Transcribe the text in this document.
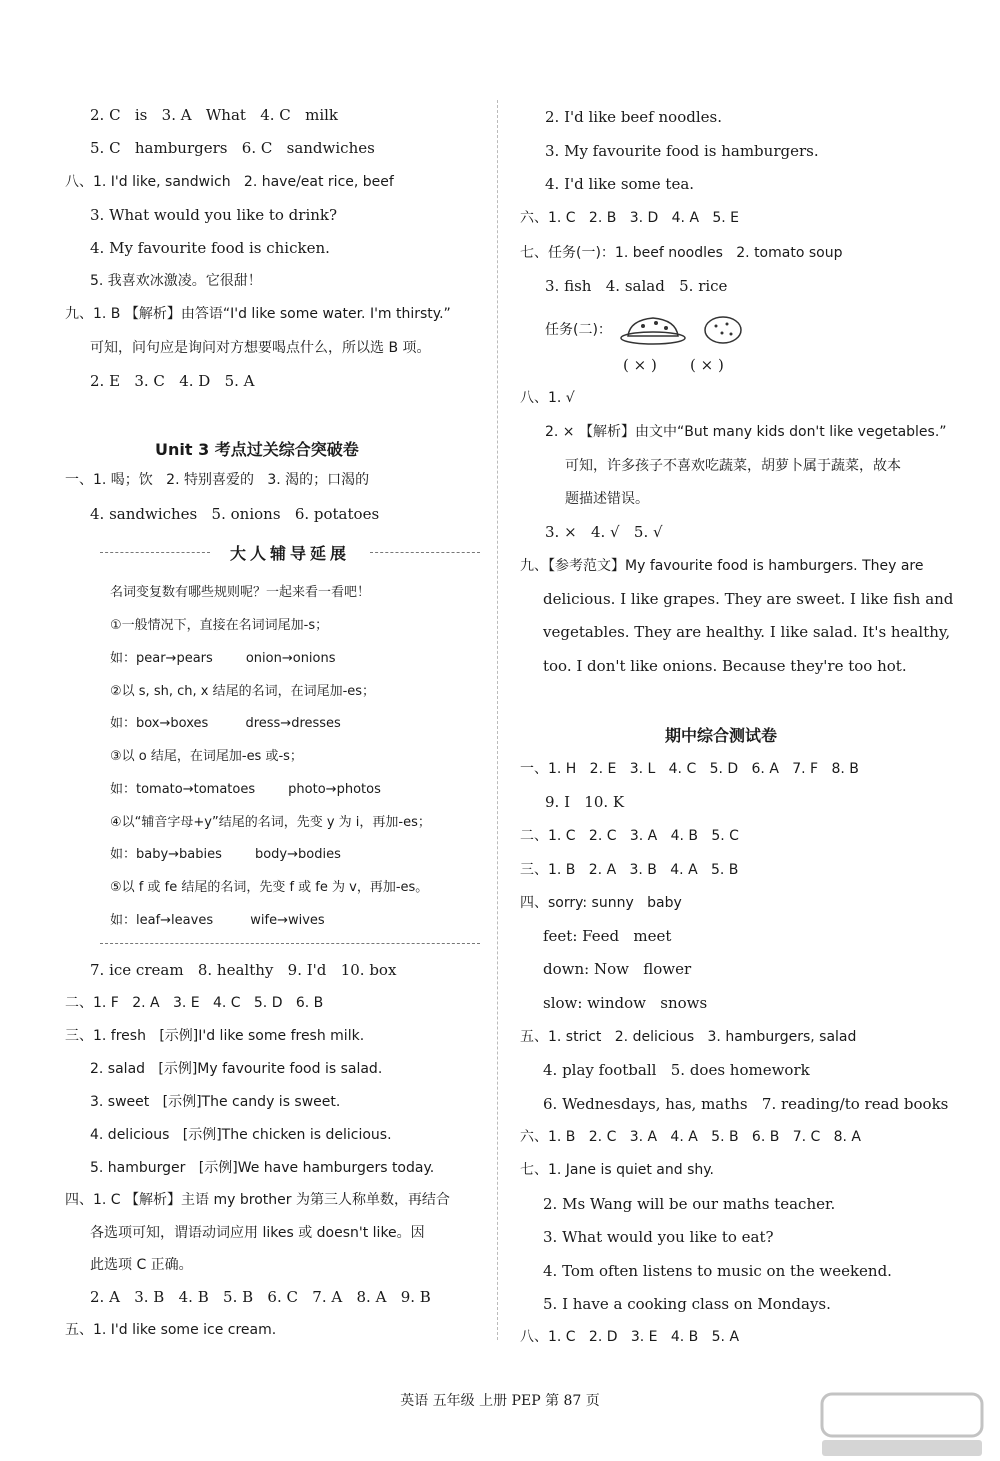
2. C   is   3. A   What   4. C   milk
5. C   hamburgers   6. C   sandwiches
八、1. I'd like, sandwich   2. have/eat rice, beef
3. What would you like to drink?
4. My favourite food is chicken.
5. 我喜欢冰激凌。它很甜！
九、1. B 【解析】由答语“I'd like some water. I'm thirsty.”
可知，问句应是询问对方想要喝点什么，所以选 B 项。
2. E   3. C   4. D   5. A
Unit 3 考点过关综合突破卷
一、1. 喝；饮   2. 特别喜爱的   3. 渴的；口渴的
4. sandwiches   5. onions   6. potatoes
大人辅导延展
名词变复数有哪些规则呢？一起来看一看吧！
①一般情况下，直接在名词词尾加-s；
如：pear→pears        onion→onions
②以 s, sh, ch, x 结尾的名词，在词尾加-es；
如：box→boxes         dress→dresses
③以 o 结尾，在词尾加-es 或-s；
如：tomato→tomatoes        photo→photos
④以“辅音字母+y”结尾的名词，先变 y 为 i，再加-es；
如：baby→babies        body→bodies
⑤以 f 或 fe 结尾的名词，先变 f 或 fe 为 v，再加-es。
如：leaf→leaves         wife→wives
7. ice cream   8. healthy   9. I'd   10. box
二、1. F   2. A   3. E   4. C   5. D   6. B
三、1. fresh   [示例]I'd like some fresh milk.
2. salad   [示例]My favourite food is salad.
3. sweet   [示例]The candy is sweet.
4. delicious   [示例]The chicken is delicious.
5. hamburger   [示例]We have hamburgers today.
四、1. C 【解析】主语 my brother 为第三人称单数，再结合
各选项可知，谓语动词应用 likes 或 doesn't like。因
此选项 C 正确。
2. A   3. B   4. B   5. B   6. C   7. A   8. A   9. B
五、1. I'd like some ice cream.
2. I'd like beef noodles.
3. My favourite food is hamburgers.
4. I'd like some tea.
六、1. C   2. B   3. D   4. A   5. E
七、任务(一)：1. beef noodles   2. tomato soup
3. fish   4. salad   5. rice
任务(二)：
( × ) ( × )
八、1. √
2. × 【解析】由文中“But many kids don't like vegetables.”
可知，许多孩子不喜欢吃蔬菜，胡萝卜属于蔬菜，故本
题描述错误。
3. ×   4. √   5. √
九、【参考范文】My favourite food is hamburgers. They are
delicious. I like grapes. They are sweet. I like fish and
vegetables. They are healthy. I like salad. It's healthy,
too. I don't like onions. Because they're too hot.
期中综合测试卷
一、1. H   2. E   3. L   4. C   5. D   6. A   7. F   8. B
9. I   10. K
二、1. C   2. C   3. A   4. B   5. C
三、1. B   2. A   3. B   4. A   5. B
四、sorry: sunny   baby
feet: Feed   meet
down: Now   flower
slow: window   snows
五、1. strict   2. delicious   3. hamburgers, salad
4. play football   5. does homework
6. Wednesdays, has, maths   7. reading/to read books
六、1. B   2. C   3. A   4. A   5. B   6. B   7. C   8. A
七、1. Jane is quiet and shy.
2. Ms Wang will be our maths teacher.
3. What would you like to eat?
4. Tom often listens to music on the weekend.
5. I have a cooking class on Mondays.
八、1. C   2. D   3. E   4. B   5. A
英语 五年级 上册 PEP 第 87 页
